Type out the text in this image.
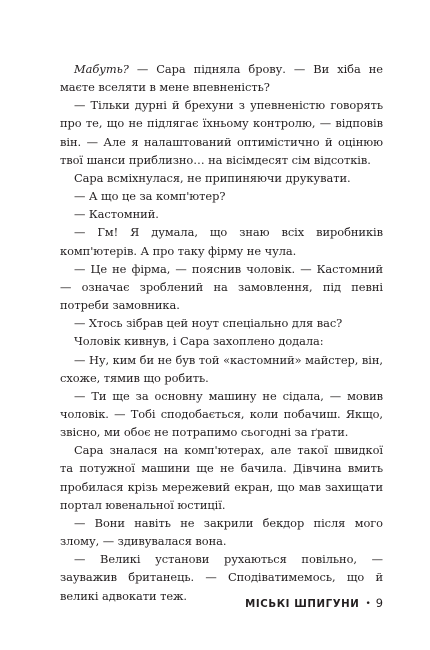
Мабуть? — Сара підняла брову. — Ви хіба не маєте вселяти в мене впевненість?

— Тільки дурні й брехуни з упевненістю говорять про те, що не підлягає їхньому контролю, — відповів він. — Але я налаштований оптимістично й оцінюю твої шанси приблизно… на вісімдесят сім відсотків.

Сара всміхнулася, не припиняючи друкувати.

— А що це за комп'ютер?

— Кастомний.

— Гм! Я думала, що знаю всіх виробників комп'ютерів. А про таку фірму не чула.

— Це не фірма, — пояснив чоловік. — Кастомний — означає зроблений на замовлення, під певні потреби замовника.

— Хтось зібрав цей ноут спеціально для вас?

Чоловік кивнув, і Сара захоплено додала:

— Ну, ким би не був той «кастомний» майстер, він, схоже, тямив що робить.

— Ти ще за основну машину не сідала, — мовив чоловік. — Тобі сподобається, коли побачиш. Якщо, звісно, ми обоє не потрапимо сьогодні за ґрати.

Сара зналася на комп'ютерах, але такої швидкої та потужної машини ще не бачила. Дівчина вмить пробилася крізь мережевий екран, що мав захищати портал ювенальної юстиції.

— Вони навіть не закрили бекдор після мого злому, — здивувалася вона.

— Великі установи рухаються повільно, — зауважив британець. — Сподіватимемось, що й великі адвокати теж.

МІСЬКІ ШПИГУНИ • 9
